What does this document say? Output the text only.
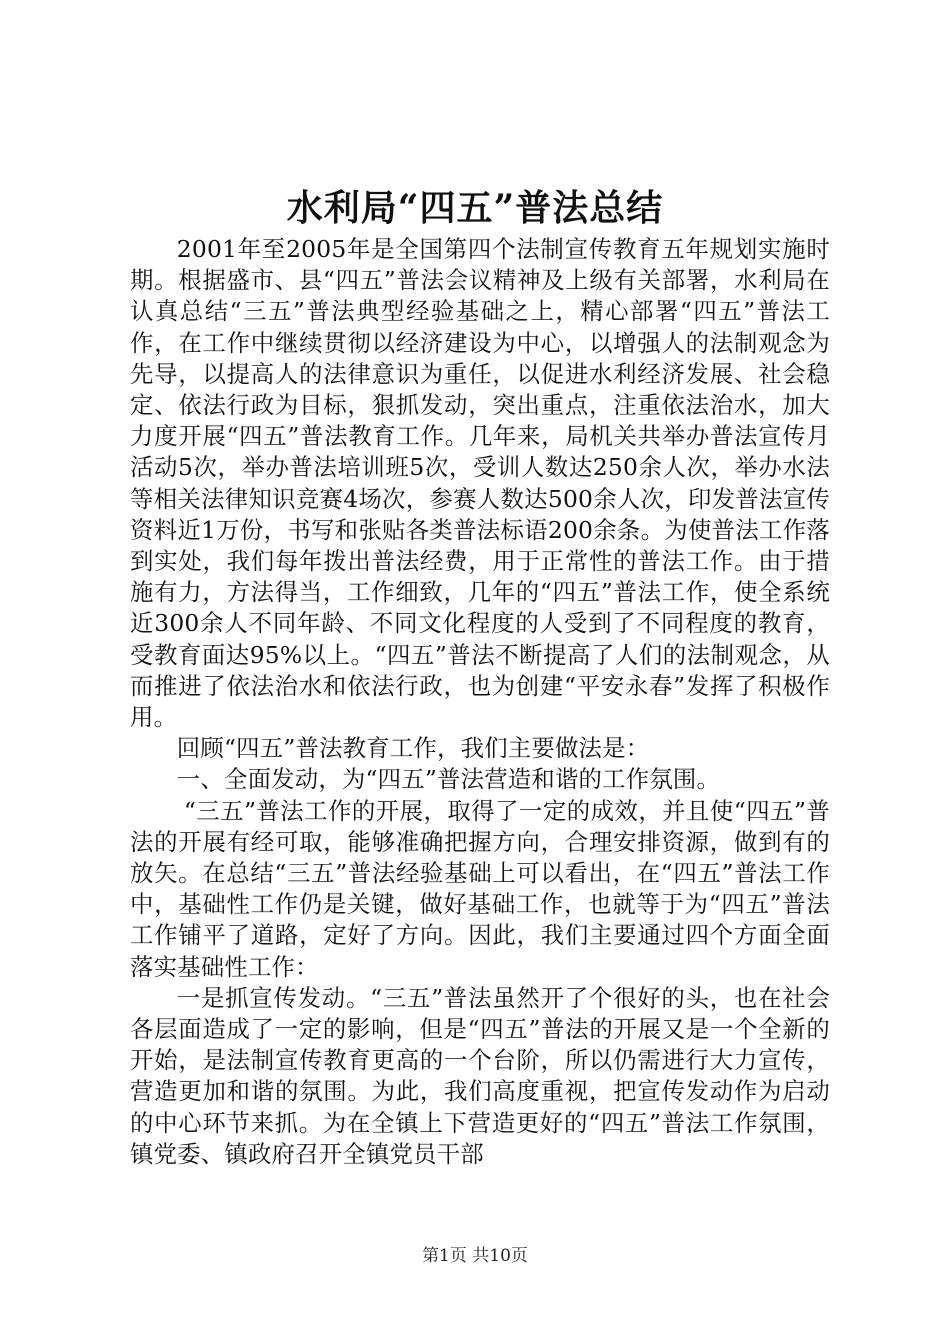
水利局“四五”普法总结

2001年至2005年是全国第四个法制宣传教育五年规划实施时期。根据盛市、县“四五”普法会议精神及上级有关部署，水利局在认真总结“三五”普法典型经验基础之上，精心部署“四五”普法工作，在工作中继续贯彻以经济建设为中心，以增强人的法制观念为先导，以提高人的法律意识为重任，以促进水利经济发展、社会稳定、依法行政为目标，狠抓发动，突出重点，注重依法治水，加大力度开展“四五”普法教育工作。几年来，局机关共举办普法宣传月活动5次，举办普法培训班5次，受训人数达250余人次，举办水法等相关法律知识竞赛4场次，参赛人数达500余人次，印发普法宣传资料近1万份，书写和张贴各类普法标语200余条。为使普法工作落到实处，我们每年拨出普法经费，用于正常性的普法工作。由于措施有力，方法得当，工作细致，几年的“四五”普法工作，使全系统近300余人不同年龄、不同文化程度的人受到了不同程度的教育，受教育面达95%以上。“四五”普法不断提高了人们的法制观念，从而推进了依法治水和依法行政，也为创建“平安永春”发挥了积极作用。

回顾“四五”普法教育工作，我们主要做法是：

一、全面发动，为“四五”普法营造和谐的工作氛围。

“三五”普法工作的开展，取得了一定的成效，并且使“四五”普法的开展有经可取，能够准确把握方向，合理安排资源，做到有的放矢。在总结“三五”普法经验基础上可以看出，在“四五”普法工作中，基础性工作仍是关键，做好基础工作，也就等于为“四五”普法工作铺平了道路，定好了方向。因此，我们主要通过四个方面全面落实基础性工作：

一是抓宣传发动。“三五”普法虽然开了个很好的头，也在社会各层面造成了一定的影响，但是“四五”普法的开展又是一个全新的开始，是法制宣传教育更高的一个台阶，所以仍需进行大力宣传，营造更加和谐的氛围。为此，我们高度重视，把宣传发动作为启动的中心环节来抓。为在全镇上下营造更好的“四五”普法工作氛围，镇党委、镇政府召开全镇党员干部

第1页 共10页
